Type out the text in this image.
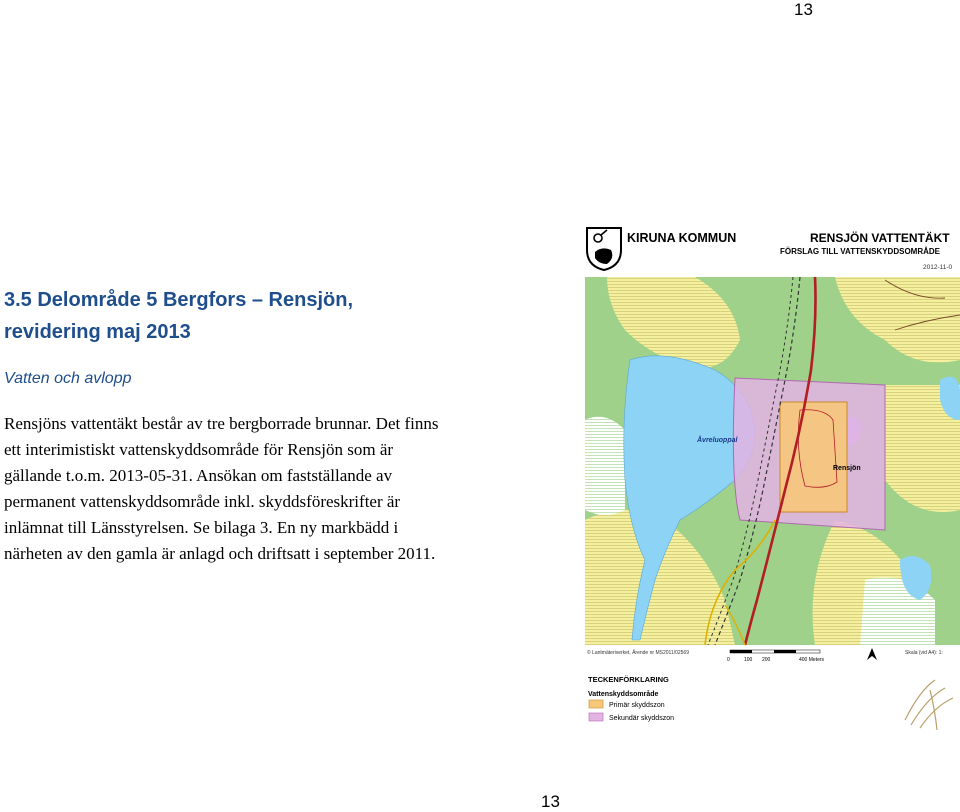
13
3.5 Delområde 5 Bergfors – Rensjön,
revidering maj 2013
Vatten och avlopp

Rensjöns vattentäkt består av tre bergborrade brunnar. Det finns
ett interimistiskt vattenskyddsområde för Rensjön som är
gällande t.o.m. 2013-05-31. Ansökan om fastställande av
permanent vattenskyddsområde inkl. skyddsföreskrifter är
inlämnat till Länsstyrelsen. Se bilaga 3. En ny markbädd i
närheten av den gamla är anlagd och driftsatt i september 2011.

KIRUNA KOMMUN	RENSJÖN VATTENTÄKT
FÖRSLAG TILL VATTENSKYDDSOMRÅDE
2012-11-0
Åvreluoppal
Rensjön
© Lantmäteriverket, Ärende nr MS2011/02569
0	100 200	400 Meters
Skala (vid A4): 1:
TECKENFÖRKLARING
Vattenskyddsområde
Primär skyddszon
Sekundär skyddszon
13
